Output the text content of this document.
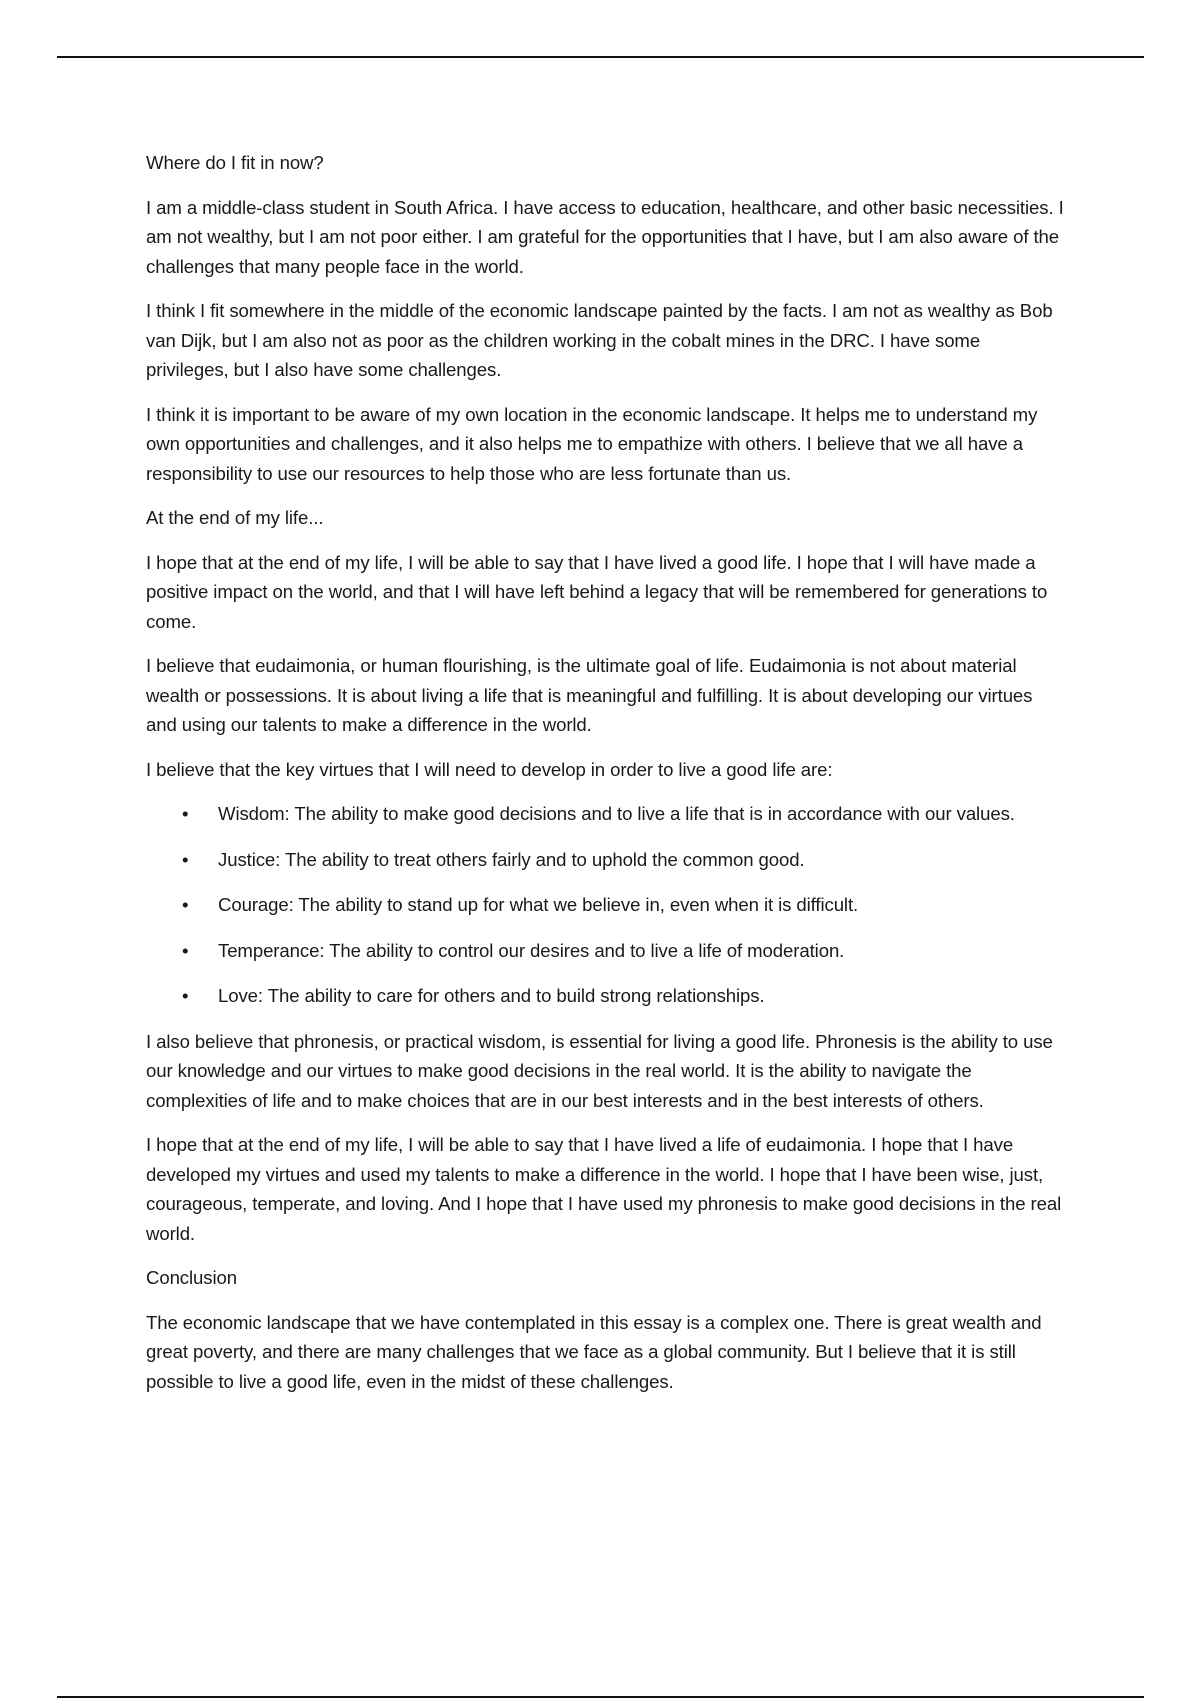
Where do I fit in now?

I am a middle-class student in South Africa. I have access to education, healthcare, and other basic necessities. I am not wealthy, but I am not poor either. I am grateful for the opportunities that I have, but I am also aware of the challenges that many people face in the world.

I think I fit somewhere in the middle of the economic landscape painted by the facts. I am not as wealthy as Bob van Dijk, but I am also not as poor as the children working in the cobalt mines in the DRC. I have some privileges, but I also have some challenges.

I think it is important to be aware of my own location in the economic landscape. It helps me to understand my own opportunities and challenges, and it also helps me to empathize with others. I believe that we all have a responsibility to use our resources to help those who are less fortunate than us.

At the end of my life...

I hope that at the end of my life, I will be able to say that I have lived a good life. I hope that I will have made a positive impact on the world, and that I will have left behind a legacy that will be remembered for generations to come.

I believe that eudaimonia, or human flourishing, is the ultimate goal of life. Eudaimonia is not about material wealth or possessions. It is about living a life that is meaningful and fulfilling. It is about developing our virtues and using our talents to make a difference in the world.

I believe that the key virtues that I will need to develop in order to live a good life are:

• Wisdom: The ability to make good decisions and to live a life that is in accordance with our values.
• Justice: The ability to treat others fairly and to uphold the common good.
• Courage: The ability to stand up for what we believe in, even when it is difficult.
• Temperance: The ability to control our desires and to live a life of moderation.
• Love: The ability to care for others and to build strong relationships.

I also believe that phronesis, or practical wisdom, is essential for living a good life. Phronesis is the ability to use our knowledge and our virtues to make good decisions in the real world. It is the ability to navigate the complexities of life and to make choices that are in our best interests and in the best interests of others.

I hope that at the end of my life, I will be able to say that I have lived a life of eudaimonia. I hope that I have developed my virtues and used my talents to make a difference in the world. I hope that I have been wise, just, courageous, temperate, and loving. And I hope that I have used my phronesis to make good decisions in the real world.

Conclusion

The economic landscape that we have contemplated in this essay is a complex one. There is great wealth and great poverty, and there are many challenges that we face as a global community. But I believe that it is still possible to live a good life, even in the midst of these challenges.
